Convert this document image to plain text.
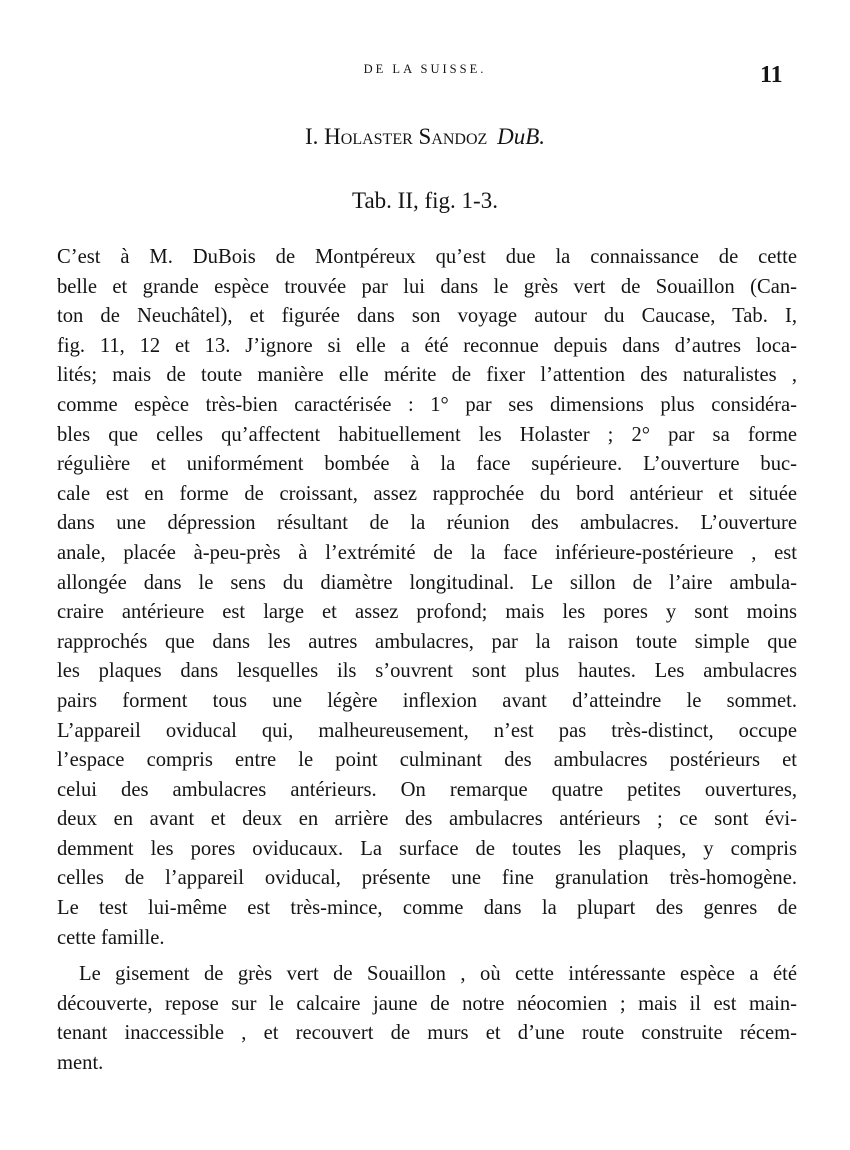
DE LA SUISSE.	11
I. Holaster Sandoz DuB.
Tab. II, fig. 1-3.
C’est à M. DuBois de Montpéreux qu’est due la connaissance de cette
belle et grande espèce trouvée par lui dans le grès vert de Souaillon (Can-
ton de Neuchâtel), et figurée dans son voyage autour du Caucase, Tab. I,
fig. 11, 12 et 13. J’ignore si elle a été reconnue depuis dans d’autres loca-
lités; mais de toute manière elle mérite de fixer l’attention des naturalistes ,
comme espèce très-bien caractérisée : 1° par ses dimensions plus considéra-
bles que celles qu’affectent habituellement les Holaster ; 2° par sa forme
régulière et uniformément bombée à la face supérieure. L’ouverture buc-
cale est en forme de croissant, assez rapprochée du bord antérieur et située
dans une dépression résultant de la réunion des ambulacres. L’ouverture
anale, placée à-peu-près à l’extrémité de la face inférieure-postérieure , est
allongée dans le sens du diamètre longitudinal. Le sillon de l’aire ambula-
craire antérieure est large et assez profond; mais les pores y sont moins
rapprochés que dans les autres ambulacres, par la raison toute simple que
les plaques dans lesquelles ils s’ouvrent sont plus hautes. Les ambulacres
pairs forment tous une légère inflexion avant d’atteindre le sommet.
L’appareil oviducal qui, malheureusement, n’est pas très-distinct, occupe
l’espace compris entre le point culminant des ambulacres postérieurs et
celui des ambulacres antérieurs. On remarque quatre petites ouvertures,
deux en avant et deux en arrière des ambulacres antérieurs ; ce sont évi-
demment les pores oviducaux. La surface de toutes les plaques, y compris
celles de l’appareil oviducal, présente une fine granulation très-homogène.
Le test lui-même est très-mince, comme dans la plupart des genres de
cette famille.
Le gisement de grès vert de Souaillon , où cette intéressante espèce a été
découverte, repose sur le calcaire jaune de notre néocomien ; mais il est main-
tenant inaccessible , et recouvert de murs et d’une route construite récem-
ment.
